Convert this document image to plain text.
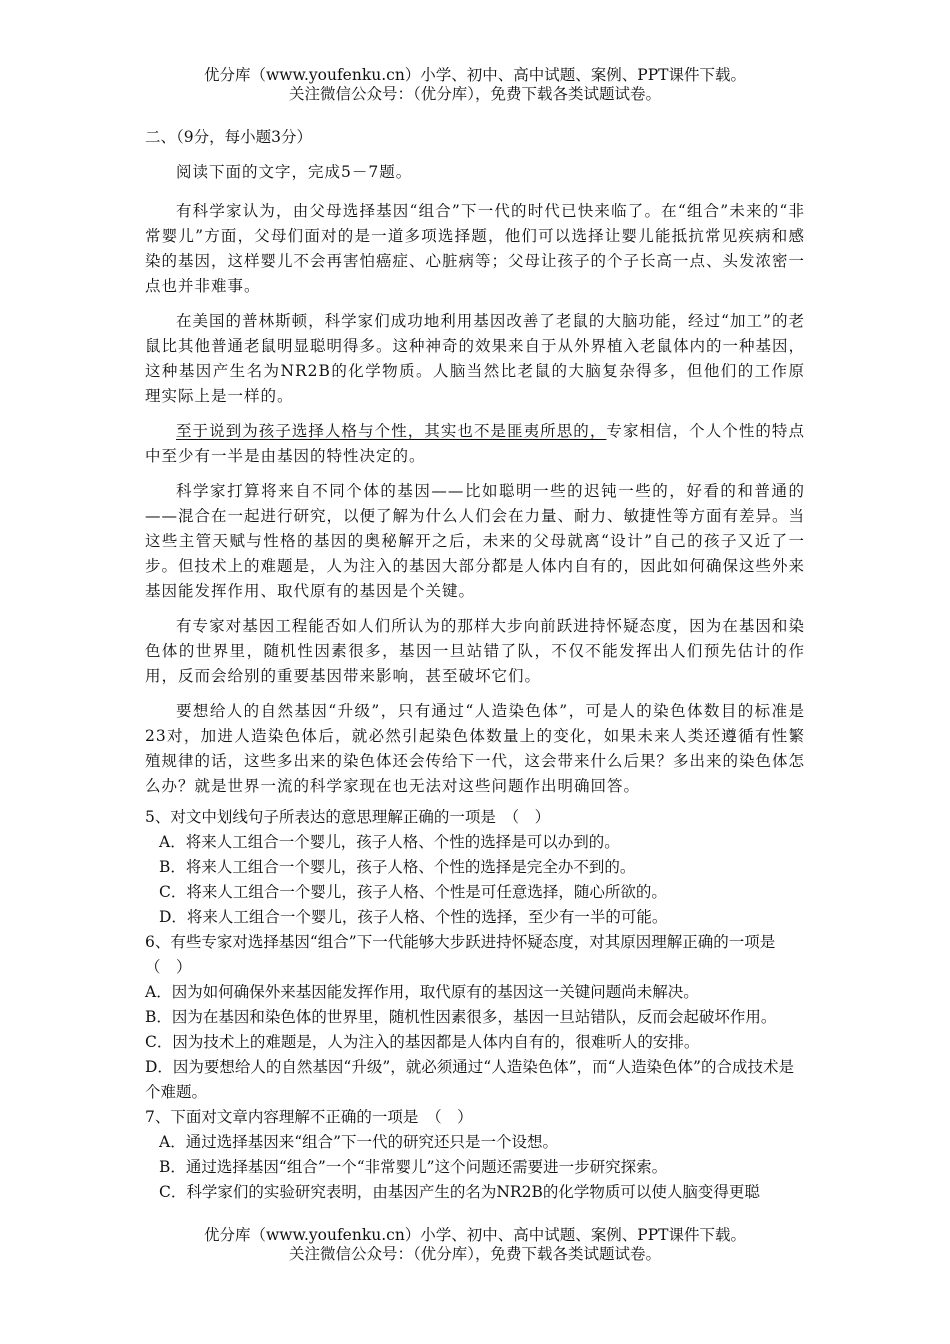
优分库（www.youfenku.cn）小学、初中、高中试题、案例、PPT课件下载。
关注微信公众号：（优分库），免费下载各类试题试卷。
二、（9分，每小题3分）
阅读下面的文字，完成5－7题。
有科学家认为，由父母选择基因“组合”下一代的时代已快来临了。在“组合”未来的“非常婴儿”方面，父母们面对的是一道多项选择题，他们可以选择让婴儿能抵抗常见疾病和感染的基因，这样婴儿不会再害怕癌症、心脏病等；父母让孩子的个子长高一点、头发浓密一点也并非难事。
在美国的普林斯顿，科学家们成功地利用基因改善了老鼠的大脑功能，经过“加工”的老鼠比其他普通老鼠明显聪明得多。这种神奇的效果来自于从外界植入老鼠体内的一种基因，这种基因产生名为NR2B的化学物质。人脑当然比老鼠的大脑复杂得多，但他们的工作原理实际上是一样的。
至于说到为孩子选择人格与个性，其实也不是匪夷所思的，专家相信，个人个性的特点中至少有一半是由基因的特性决定的。
科学家打算将来自不同个体的基因——比如聪明一些的迟钝一些的，好看的和普通的——混合在一起进行研究，以便了解为什么人们会在力量、耐力、敏捷性等方面有差异。当这些主管天赋与性格的基因的奥秘解开之后，未来的父母就离“设计”自己的孩子又近了一步。但技术上的难题是，人为注入的基因大部分都是人体内自有的，因此如何确保这些外来基因能发挥作用、取代原有的基因是个关键。
有专家对基因工程能否如人们所认为的那样大步向前跃进持怀疑态度，因为在基因和染色体的世界里，随机性因素很多，基因一旦站错了队，不仅不能发挥出人们预先估计的作用，反而会给别的重要基因带来影响，甚至破坏它们。
要想给人的自然基因“升级”，只有通过“人造染色体”，可是人的染色体数目的标准是23对，加进人造染色体后，就必然引起染色体数量上的变化，如果未来人类还遵循有性繁殖规律的话，这些多出来的染色体还会传给下一代，这会带来什么后果？多出来的染色体怎么办？就是世界一流的科学家现在也无法对这些问题作出明确回答。
5、对文中划线句子所表达的意思理解正确的一项是　（　）
A．将来人工组合一个婴儿，孩子人格、个性的选择是可以办到的。
B．将来人工组合一个婴儿，孩子人格、个性的选择是完全办不到的。
C．将来人工组合一个婴儿，孩子人格、个性是可任意选择，随心所欲的。
D．将来人工组合一个婴儿，孩子人格、个性的选择，至少有一半的可能。
6、有些专家对选择基因“组合”下一代能够大步跃进持怀疑态度，对其原因理解正确的一项是　（　）
A．因为如何确保外来基因能发挥作用，取代原有的基因这一关键问题尚未解决。
B．因为在基因和染色体的世界里，随机性因素很多，基因一旦站错队，反而会起破坏作用。
C．因为技术上的难题是，人为注入的基因都是人体内自有的，很难听人的安排。
D．因为要想给人的自然基因“升级”，就必须通过“人造染色体”，而“人造染色体”的合成技术是个难题。
7、下面对文章内容理解不正确的一项是　（　）
A．通过选择基因来“组合”下一代的研究还只是一个设想。
B．通过选择基因“组合”一个“非常婴儿”这个问题还需要进一步研究探索。
C．科学家们的实验研究表明，由基因产生的名为NR2B的化学物质可以使人脑变得更聪
优分库（www.youfenku.cn）小学、初中、高中试题、案例、PPT课件下载。
关注微信公众号：（优分库），免费下载各类试题试卷。
